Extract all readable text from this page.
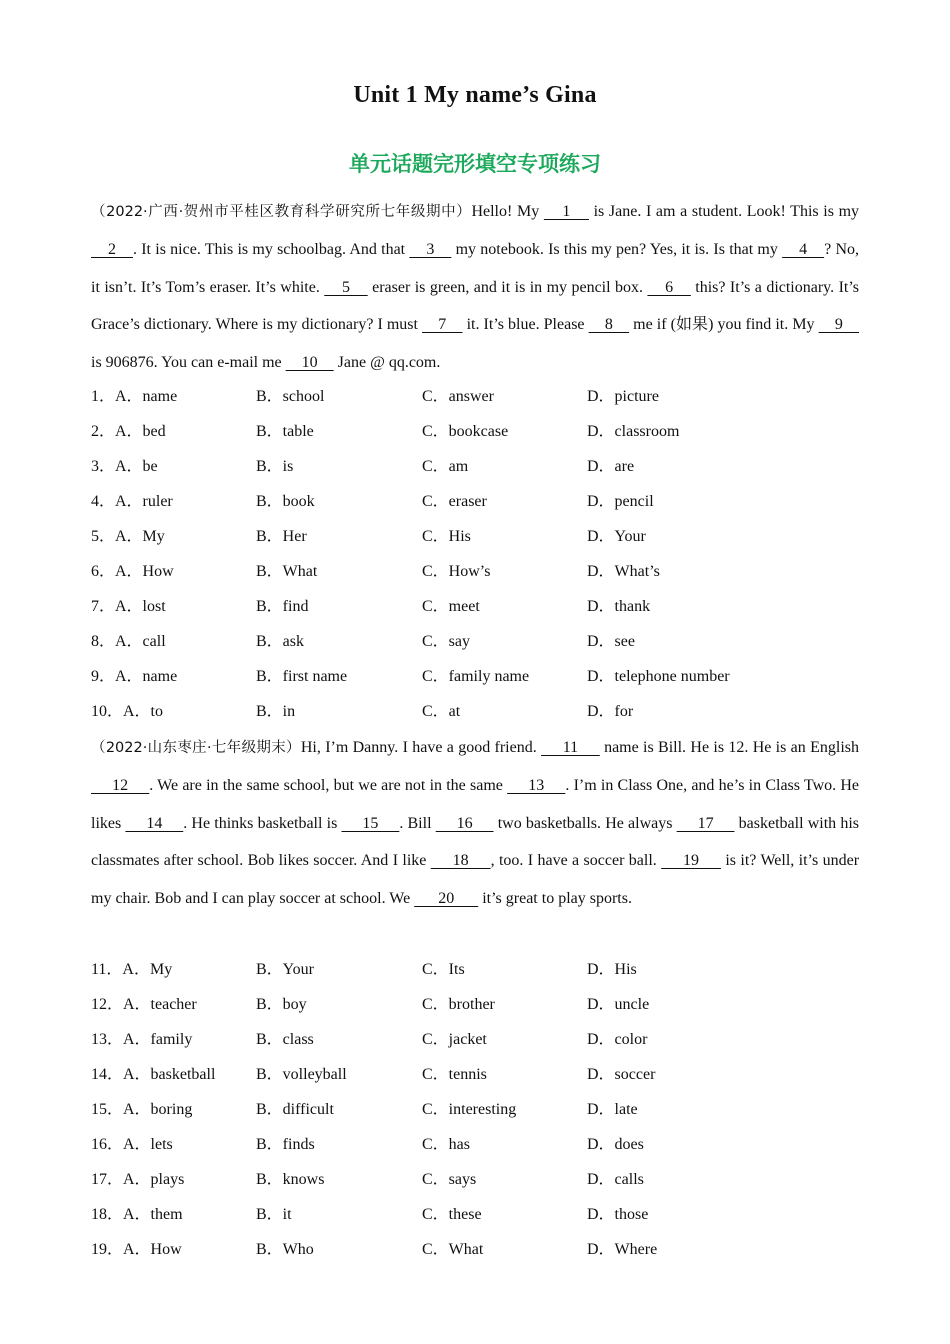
Unit 1 My name’s Gina
单元话题完形填空专项练习
（2022·广西·贺州市平桂区教育科学研究所七年级期中）Hello! My     1     is Jane. I am a student. Look! This is my     2    . It is nice. This is my schoolbag. And that     3     my notebook. Is this my pen? Yes, it is. Is that my     4    ? No, it isn’t. It’s Tom’s eraser. It’s white.     5     eraser is green, and it is in my pencil box.     6     this? It’s a dictionary. It’s Grace’s dictionary. Where is my dictionary? I must     7     it. It’s blue. Please     8     me if (如果) you find it. My     9     is 906876. You can e-mail me     10     Jane @ qq.com.
1．A．name	B．school	C．answer	D．picture
2．A．bed	B．table	C．bookcase	D．classroom
3．A．be	B．is	C．am	D．are
4．A．ruler	B．book	C．eraser	D．pencil
5．A．My	B．Her	C．His	D．Your
6．A．How	B．What	C．How’s	D．What’s
7．A．lost	B．find	C．meet	D．thank
8．A．call	B．ask	C．say	D．see
9．A．name	B．first name	C．family name	D．telephone number
10．A．to	B．in	C．at	D．for
（2022·山东枣庄·七年级期末）Hi, I’m Danny. I have a good friend.      11      name is Bill. He is 12. He is an English      12     . We are in the same school, but we are not in the same      13     . I’m in Class One, and he’s in Class Two. He likes      14     . He thinks basketball is      15     . Bill      16      two basketballs. He always      17      basketball with his classmates after school. Bob likes soccer. And I like      18     , too. I have a soccer ball.      19      is it? Well, it’s under my chair. Bob and I can play soccer at school. We       20       it’s great to play sports.
11．A．My	B．Your	C．Its	D．His
12．A．teacher	B．boy	C．brother	D．uncle
13．A．family	B．class	C．jacket	D．color
14．A．basketball	B．volleyball	C．tennis	D．soccer
15．A．boring	B．difficult	C．interesting	D．late
16．A．lets	B．finds	C．has	D．does
17．A．plays	B．knows	C．says	D．calls
18．A．them	B．it	C．these	D．those
19．A．How	B．Who	C．What	D．Where
